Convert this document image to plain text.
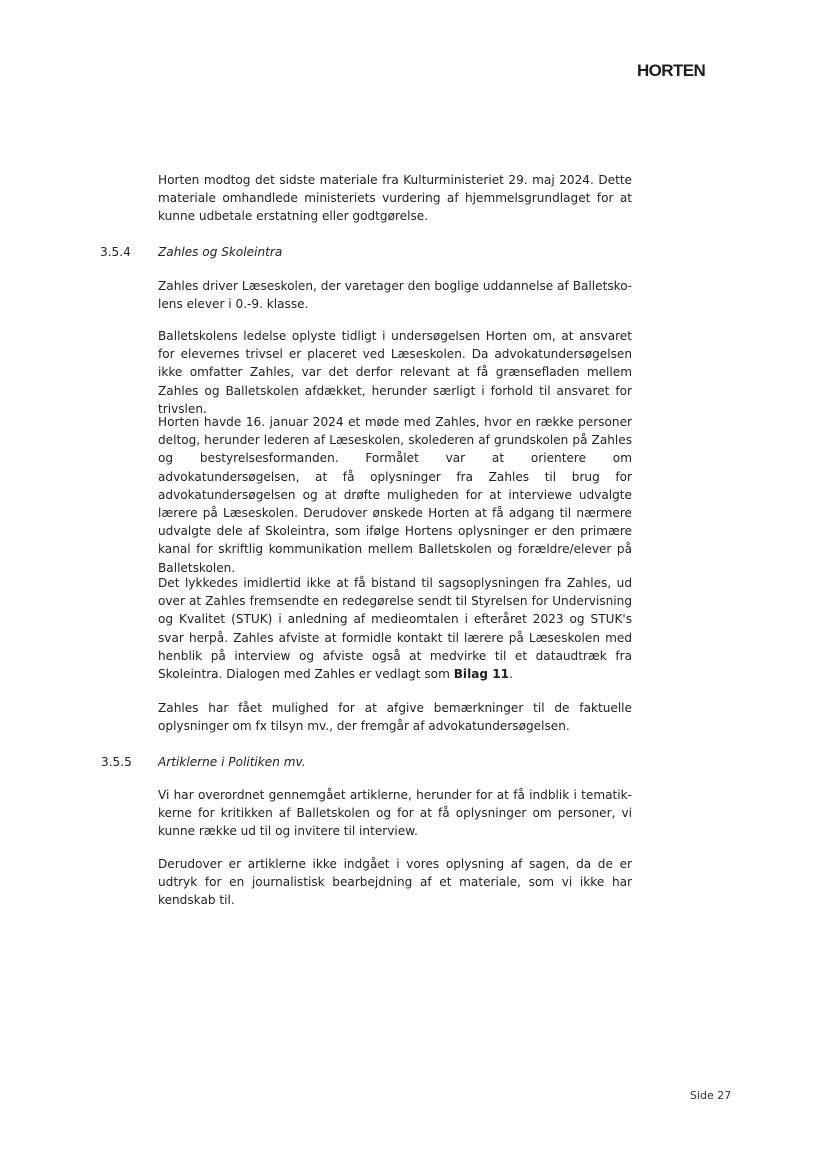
HORTEN

Horten modtog det sidste materiale fra Kulturministeriet 29. maj 2024. Dette materiale omhandlede ministeriets vurdering af hjemmelsgrundlaget for at kunne udbetale erstatning eller godtgørelse.

3.5.4 Zahles og Skoleintra

Zahles driver Læseskolen, der varetager den boglige uddannelse af Balletskolens elever i 0.-9. klasse.

Balletskolens ledelse oplyste tidligt i undersøgelsen Horten om, at ansvaret for elevernes trivsel er placeret ved Læseskolen. Da advokatundersøgelsen ikke omfatter Zahles, var det derfor relevant at få grænsefladen mellem Zahles og Balletskolen afdækket, herunder særligt i forhold til ansvaret for trivslen.

Horten havde 16. januar 2024 et møde med Zahles, hvor en række personer deltog, herunder lederen af Læseskolen, skolederen af grundskolen på Zahles og bestyrelsesformanden. Formålet var at orientere om advokatundersøgelsen, at få oplysninger fra Zahles til brug for advokatundersøgelsen og at drøfte muligheden for at interviewe udvalgte lærere på Læseskolen. Derudover ønskede Horten at få adgang til nærmere udvalgte dele af Skoleintra, som ifølge Hortens oplysninger er den primære kanal for skriftlig kommunikation mellem Balletskolen og forældre/elever på Balletskolen.

Det lykkedes imidlertid ikke at få bistand til sagsoplysningen fra Zahles, ud over at Zahles fremsendte en redegørelse sendt til Styrelsen for Undervisning og Kvalitet (STUK) i anledning af medieomtalen i efteråret 2023 og STUK's svar herpå. Zahles afviste at formidle kontakt til lærere på Læseskolen med henblik på interview og afviste også at medvirke til et dataudtræk fra Skoleintra. Dialogen med Zahles er vedlagt som Bilag 11.

Zahles har fået mulighed for at afgive bemærkninger til de faktuelle oplysninger om fx tilsyn mv., der fremgår af advokatundersøgelsen.

3.5.5 Artiklerne i Politiken mv.

Vi har overordnet gennemgået artiklerne, herunder for at få indblik i tematikkerne for kritikken af Balletskolen og for at få oplysninger om personer, vi kunne række ud til og invitere til interview.

Derudover er artiklerne ikke indgået i vores oplysning af sagen, da de er udtryk for en journalistisk bearbejdning af et materiale, som vi ikke har kendskab til.

Side 27
